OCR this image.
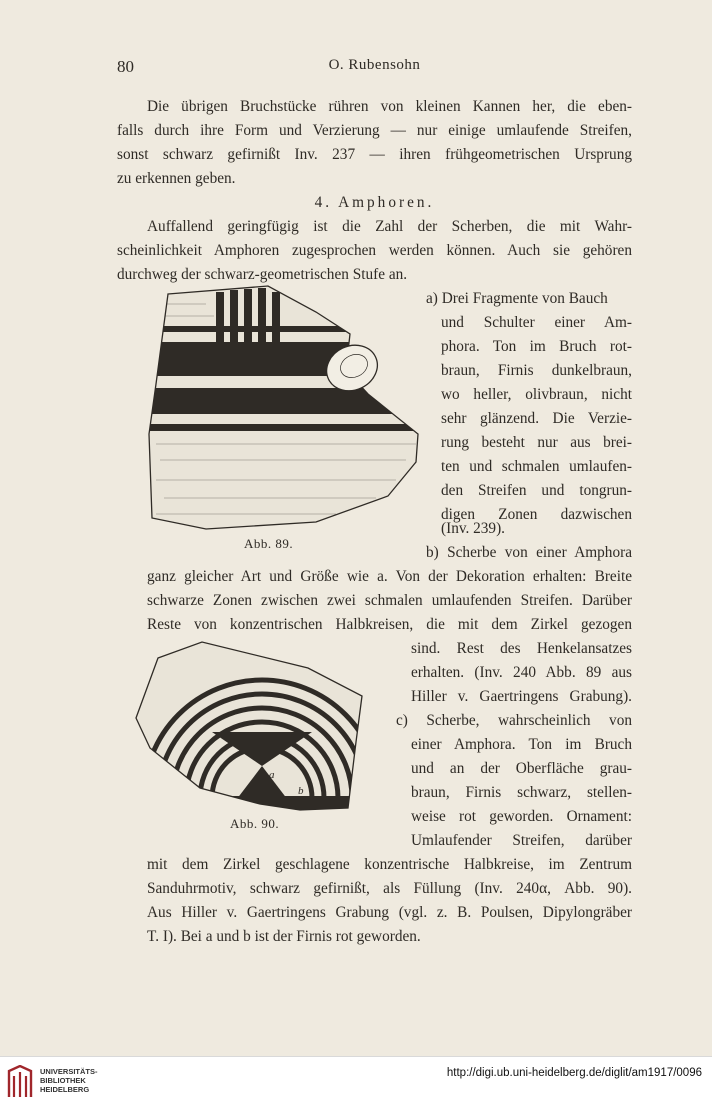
80	O. Rubensohn
Die übrigen Bruchstücke rühren von kleinen Kannen her, die eben-
falls durch ihre Form und Verzierung — nur einige umlaufende Streifen,
sonst schwarz gefirnißt Inv. 237 — ihren frühgeometrischen Ursprung
zu erkennen geben.
4. Amphoren.
Auffallend geringfügig ist die Zahl der Scherben, die mit Wahr-
scheinlichkeit Amphoren zugesprochen werden können. Auch sie gehören
durchweg der schwarz-geometrischen Stufe an.
Abb. 89.
a) Drei Fragmente von Bauch
und Schulter einer Am-
phora. Ton im Bruch rot-
braun, Firnis dunkelbraun,
wo heller, olivbraun, nicht
sehr glänzend. Die Verzie-
rung besteht nur aus brei-
ten und schmalen umlaufen-
den Streifen und tongrun-
digen Zonen dazwischen
(Inv. 239).
b) Scherbe von einer Amphora
ganz gleicher Art und Größe wie a. Von der Dekoration erhalten: Breite
schwarze Zonen zwischen zwei schmalen umlaufenden Streifen. Darüber
Reste von konzentrischen Halbkreisen, die mit dem Zirkel gezogen
a
b
Abb. 90.
sind. Rest des Henkelansatzes
erhalten. (Inv. 240 Abb. 89 aus
Hiller v. Gaertringens Grabung).
c) Scherbe, wahrscheinlich von
einer Amphora. Ton im Bruch
und an der Oberfläche grau-
braun, Firnis schwarz, stellen-
weise rot geworden. Ornament:
Umlaufender Streifen, darüber
mit dem Zirkel geschlagene konzentrische Halbkreise, im Zentrum
Sanduhrmotiv, schwarz gefirnißt, als Füllung (Inv. 240α, Abb. 90).
Aus Hiller v. Gaertringens Grabung (vgl. z. B. Poulsen, Dipylongräber
T. I). Bei a und b ist der Firnis rot geworden.
UNIVERSITÄTS-
BIBLIOTHEK
HEIDELBERG
http://digi.ub.uni-heidelberg.de/diglit/am1917/0096
